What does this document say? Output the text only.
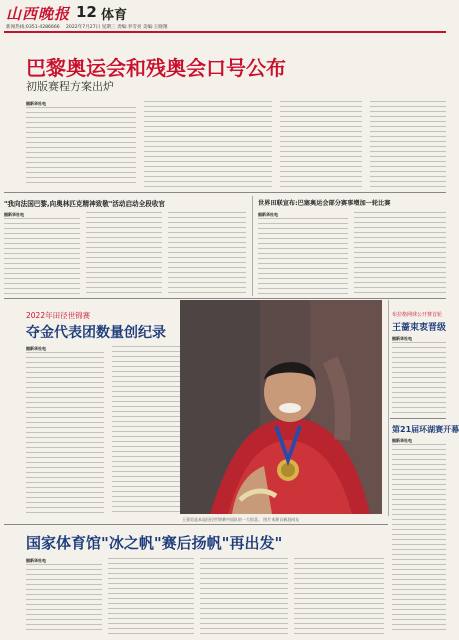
山西晚报 12 体育
新闻热线:0351-4286666 2022年7月27日 星期三 责编:李雪亮 美编:王晓翔
巴黎奥运会和残奥会口号公布
初版赛程方案出炉
据新华社电
"我向法国巴黎,向奥林匹克精神致敬"活动启动全段收官
据新华社电
世界田联宣布:巴塞奥运会部分赛事增加一轮比赛
据新华社电
2022年田径世锦赛
夺金代表团数量创纪录
据新华社电
王嘉男是本届田径世锦赛中国队的一大惊喜。 图片来源自新浪网友
布拉格网球公开赛首轮
王蔷束衷晋级
据新华社电
第21届环湖赛开幕
据新华社电
国家体育馆"冰之帆"赛后扬帆"再出发"
据新华社电
